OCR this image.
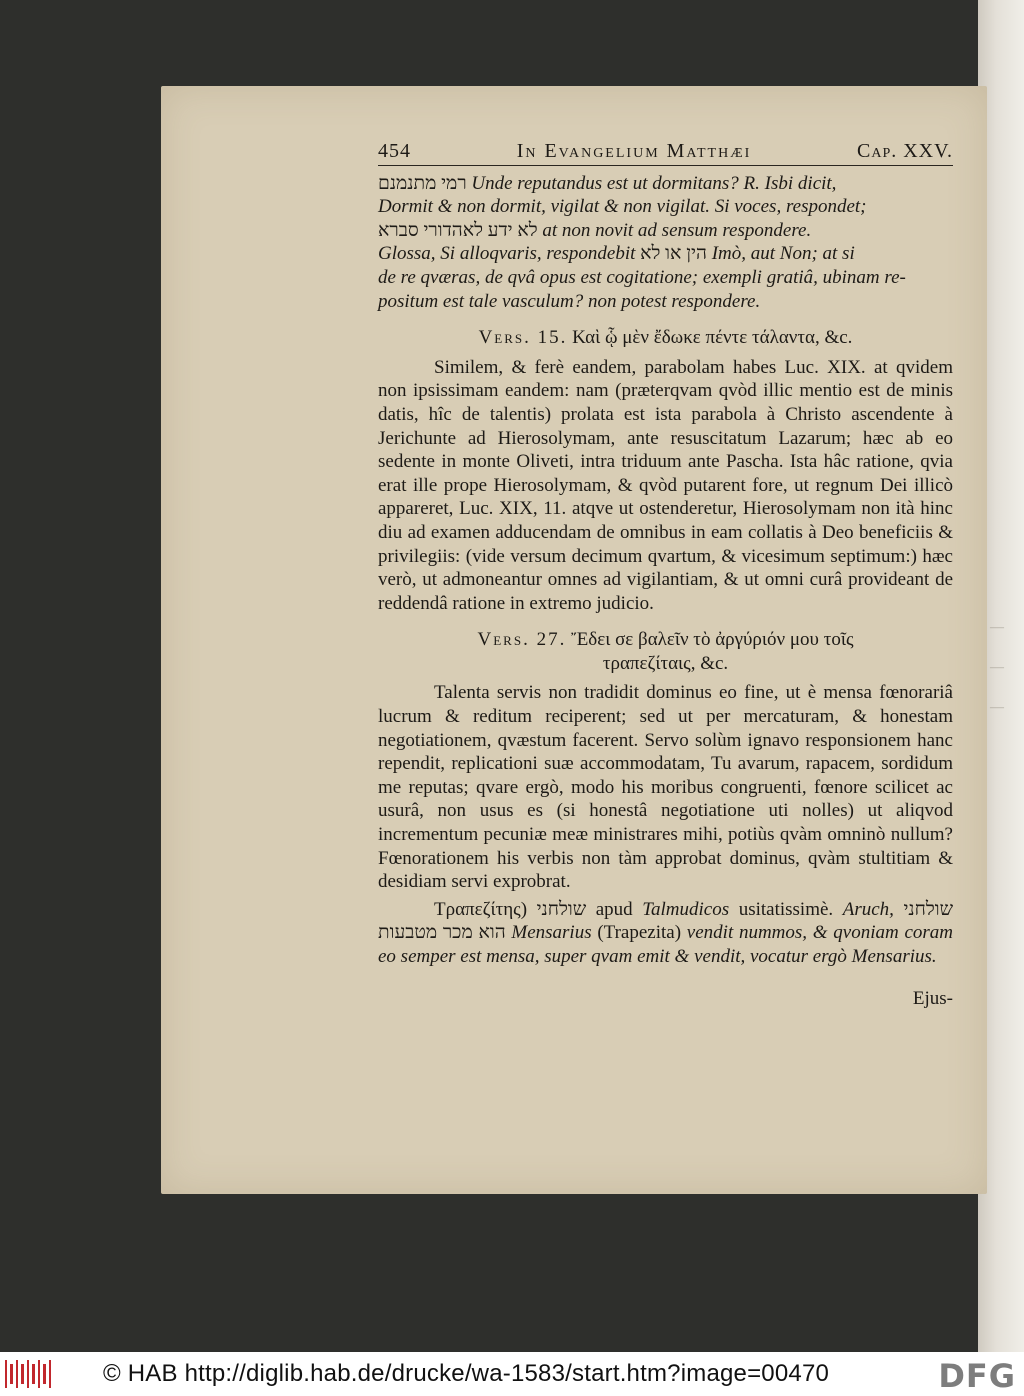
—
—
—
454	In Evangelium Matthæi	Cap. XXV.

רמי מתנמנם Unde reputandus est ut dormitans? R. Isbi dicit,
Dormit & non dormit, vigilat & non vigilat. Si voces, respondet;
לא ידע לאהדורי סברא at non novit ad sensum respondere.
Glossa, Si alloqvaris, respondebit הין או לא Imò, aut Non; at si
de re qværas, de qvâ opus est cogitatione; exempli gratiâ, ubinam re-
positum est tale vasculum? non potest respondere.

Vers. 15. Καὶ ᾧ μὲν ἔδωκε πέντε τάλαντα, &c.

Similem, & ferè eandem, parabolam habes Luc. XIX. at qvidem non ipsissimam eandem: nam (præterqvam qvòd illic mentio est de minis datis, hîc de talentis) prolata est ista parabola à Christo ascendente à Jerichunte ad Hierosolymam, ante resuscitatum Lazarum; hæc ab eo sedente in monte Oliveti, intra triduum ante Pascha. Ista hâc ratione, qvia erat ille prope Hierosolymam, & qvòd putarent fore, ut regnum Dei illicò appareret, Luc. XIX, 11. atqve ut ostenderetur, Hierosolymam non ità hinc diu ad examen adducendam de omnibus in eam collatis à Deo beneficiis & privilegiis: (vide versum decimum qvartum, & vicesimum septimum:) hæc verò, ut admoneantur omnes ad vigilantiam, & ut omni curâ provideant de reddendâ ratione in extremo judicio.

Vers. 27. Ἔδει σε βαλεῖν τὸ ἀργύριόν μου τοῖς
τραπεζίταις, &c.

Talenta servis non tradidit dominus eo fine, ut è mensa fœnorariâ lucrum & reditum reciperent; sed ut per mercaturam, & honestam negotiationem, qvæstum facerent. Servo solùm ignavo responsionem hanc rependit, replicationi suæ accommodatam, Tu avarum, rapacem, sordidum me reputas; qvare ergò, modo his moribus congruenti, fœnore scilicet ac usurâ, non usus es (si honestâ negotiatione uti nolles) ut aliqvod incrementum pecuniæ meæ ministrares mihi, potiùs qvàm omninò nullum? Fœnorationem his verbis non tàm approbat dominus, qvàm stultitiam & desidiam servi exprobrat.

Τραπεζίτης) שולחני apud Talmudicos usitatissimè. Aruch, שולחני הוא מכר מטבעות Mensarius (Trapezita) vendit nummos, & qvoniam coram eo semper est mensa, super qvam emit & vendit, vocatur ergò Mensarius.

Ejus-
© HAB http://diglib.hab.de/drucke/wa-1583/start.htm?image=00470	DFG
